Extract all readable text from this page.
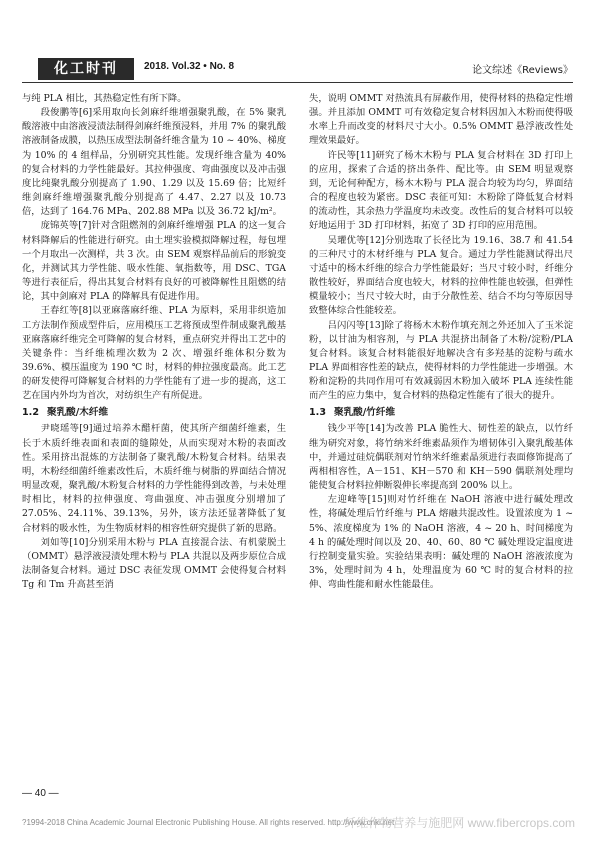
化工时刊	2018. Vol.32 • No. 8	论文综述《Reviews》

与纯 PLA 相比，其热稳定性有所下降。

段俊鹏等[6]采用取向长剑麻纤维增强聚乳酸，在 5% 聚乳酸溶液中由溶液浸渍法制得剑麻纤维预浸料，并用 7% 的聚乳酸溶液制备成膜，以热压成型法制备纤维含量为 10 ~ 40%、梯度为 10% 的 4 组样品，分别研究其性能。发现纤维含量为 40% 的复合材料的力学性能最好。其拉伸强度、弯曲强度以及冲击强度比纯聚乳酸分别提高了 1.90、1.29 以及 15.69 倍；比短纤维剑麻纤维增强聚乳酸分别提高了 4.47、2.27 以及 10.73 倍，达到了 164.76 MPa、202.88 MPa 以及 36.72 kJ/m²。

庞锦英等[7]针对含阻燃剂的剑麻纤维增强 PLA 的这一复合材料降解后的性能进行研究。由土埋实验模拟降解过程，每包埋一个月取出一次测样，共 3 次。由 SEM 观察样品前后的形貌变化，并测试其力学性能、吸水性能、氧指数等，用 DSC、TGA 等进行表征后，得出其复合材料有良好的可被降解性且阻燃的结论，其中剑麻对 PLA 的降解具有促进作用。

王春红等[8]以亚麻落麻纤维、PLA 为原料，采用非织造加工方法制作预成型件后，应用模压工艺将预成型件制成聚乳酸基亚麻落麻纤维完全可降解的复合材料，重点研究并得出工艺中的关键条件：当纤维梳理次数为 2 次、增强纤维体积分数为 39.6%、模压温度为 190 ℃ 时，材料的伸拉强度最高。此工艺的研发使得可降解复合材料的力学性能有了进一步的提高，这工艺在国内外均为首次，对纺织生产有所促进。

1.2 聚乳酸/木纤维

尹晓瑶等[9]通过培养木醋杆菌，使其所产细菌纤维素，生长于木质纤维表面和表面的缝隙处，从而实现对木粉的表面改性。采用挤出混炼的方法制备了聚乳酸/木粉复合材料。结果表明，木粉经细菌纤维素改性后，木质纤维与树脂的界面结合情况明显改观，聚乳酸/木粉复合材料的力学性能得到改善，与未处理时相比，材料的拉伸强度、弯曲强度、冲击强度分别增加了 27.05%、24.11%、39.13%，另外，该方法还显著降低了复合材料的吸水性，为生物质材料的相容性研究提供了新的思路。

刘如等[10]分别采用木粉与 PLA 直接混合法、有机蒙脱土（OMMT）悬浮液浸渍处理木粉与 PLA 共混以及两步原位合成法制备复合材料。通过 DSC 表征发现 OMMT 会使得复合材料 Tg 和 Tm 升高甚至消

失，说明 OMMT 对热流具有屏蔽作用，使得材料的热稳定性增强。并且添加 OMMT 可有效稳定复合材料因加入木粉而使得吸水率上升而改变的材料尺寸大小。0.5% OMMT 悬浮液改性处理效果最好。

许民等[11]研究了杨木木粉与 PLA 复合材料在 3D 打印上的应用，探索了合适的挤出条件、配比等。由 SEM 明显观察到，无论何种配方，杨木木粉与 PLA 混合均较为均匀，界面结合的程度也较为紧密。DSC 表征可知：木粉除了降低复合材料的流动性，其余热力学温度均未改变。改性后的复合材料可以较好地运用于 3D 打印材料，拓宽了 3D 打印的应用范围。

吴瓘优等[12]分别选取了长径比为 19.16、38.7 和 41.54 的三种尺寸的木材纤维与 PLA 复合。通过力学性能测试得出尺寸适中的杨木纤维的综合力学性能最好；当尺寸较小时，纤维分散性较好，界面结合度也较大，材料的拉伸性能也较强，但弹性模量较小；当尺寸较大时，由于分散性差、结合不均匀等原因导致整体综合性能较差。

吕闪闪等[13]除了将杨木木粉作填充剂之外还加入了玉米淀粉，以甘油为相容剂，与 PLA 共混挤出制备了木粉/淀粉/PLA 复合材料。该复合材料能很好地解决含有多羟基的淀粉与疏水 PLA 界面相容性差的缺点，使得材料的力学性能进一步增强。木粉和淀粉的共同作用可有效减弱因木粉加入破坏 PLA 连续性能而产生的应力集中，复合材料的热稳定性能有了很大的提升。

1.3 聚乳酸/竹纤维

钱少平等[14]为改善 PLA 脆性大、韧性差的缺点，以竹纤维为研究对象，将竹纳米纤维素晶须作为增韧体引入聚乳酸基体中，并通过硅烷偶联剂对竹纳米纤维素晶须进行表面修饰提高了两相相容性，A－151、KH－570 和 KH－590 偶联剂处理均能使复合材料拉伸断裂伸长率提高到 200% 以上。

左迎峰等[15]则对竹纤维在 NaOH 溶液中进行碱处理改性，将碱处理后竹纤维与 PLA 熔融共混改性。设置浓度为 1 ~ 5%、浓度梯度为 1% 的 NaOH 溶液，4 ~ 20 h、时间梯度为 4 h 的碱处理时间以及 20、40、60、80 ℃ 碱处理设定温度进行控制变量实验。实验结果表明：碱处理的 NaOH 溶液浓度为 3%，处理时间为 4 h，处理温度为 60 ℃ 时的复合材料的拉伸、弯曲性能和耐水性能最佳。

— 40 —
?1994-2018 China Academic Journal Electronic Publishing House. All rights reserved. http://www.cnki.net
纤维作物营养与施肥网 www.fibercrops.com
